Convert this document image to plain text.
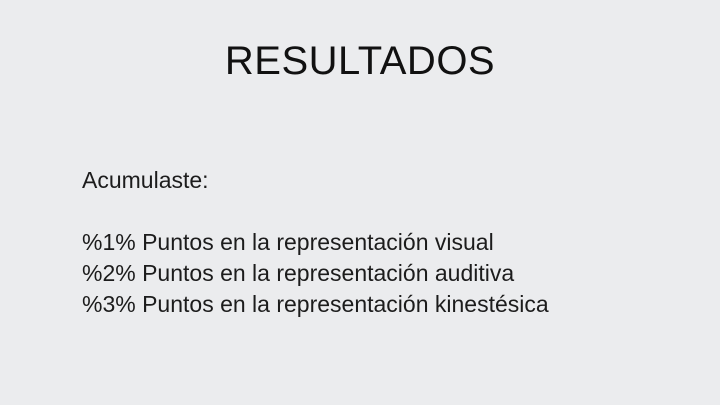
RESULTADOS

Acumulaste:

%1% Puntos en la representación visual

%2% Puntos en la representación auditiva

%3% Puntos en la representación kinestésica
